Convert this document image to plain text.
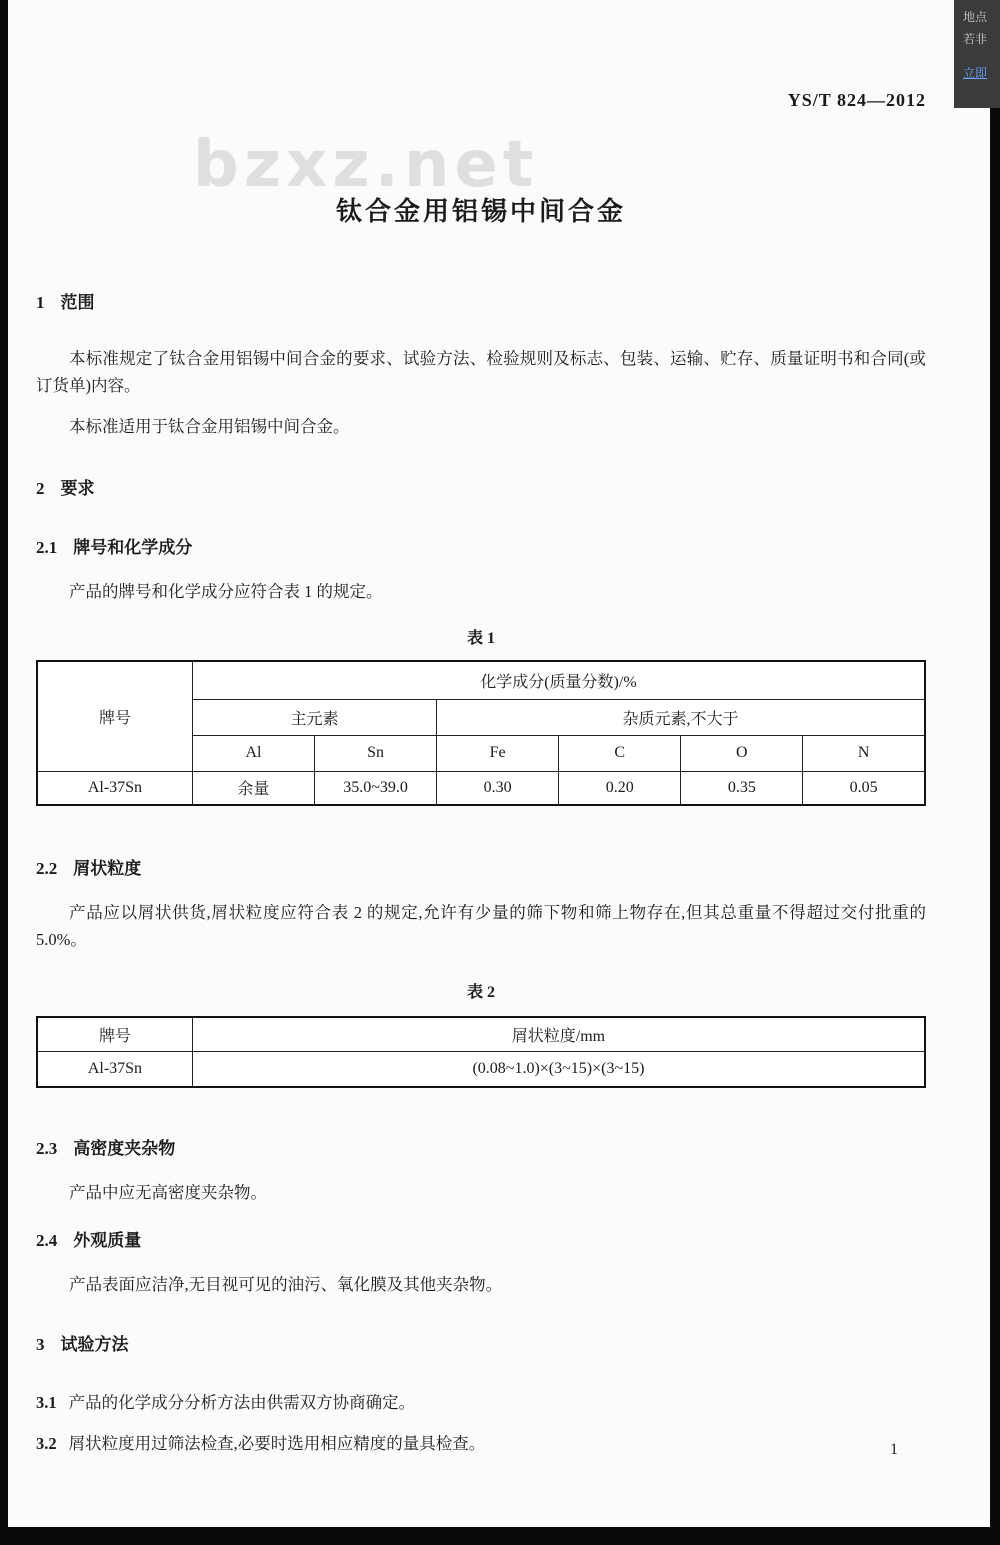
YS/T 824—2012
bzxz.net
钛合金用铝锡中间合金
1 范围

本标准规定了钛合金用铝锡中间合金的要求、试验方法、检验规则及标志、包装、运输、贮存、质量证明书和合同(或订货单)内容。

本标准适用于钛合金用铝锡中间合金。

2 要求
2.1 牌号和化学成分

产品的牌号和化学成分应符合表 1 的规定。

表 1
牌号	化学成分(质量分数)/%					
	主元素		杂质元素,不大于			
	Al	Sn	Fe	C	O	N
Al-37Sn	余量	35.0~39.0	0.30	0.20	0.35	0.05
2.2 屑状粒度

产品应以屑状供货,屑状粒度应符合表 2 的规定,允许有少量的筛下物和筛上物存在,但其总重量不得超过交付批重的 5.0%。

表 2
牌号	屑状粒度/mm
Al-37Sn	(0.08~1.0)×(3~15)×(3~15)
2.3 高密度夹杂物

产品中应无高密度夹杂物。

2.4 外观质量

产品表面应洁净,无目视可见的油污、氧化膜及其他夹杂物。

3 试验方法

3.1 产品的化学成分分析方法由供需双方协商确定。

3.2 屑状粒度用过筛法检查,必要时选用相应精度的量具检查。	1
地点
若非
立即
